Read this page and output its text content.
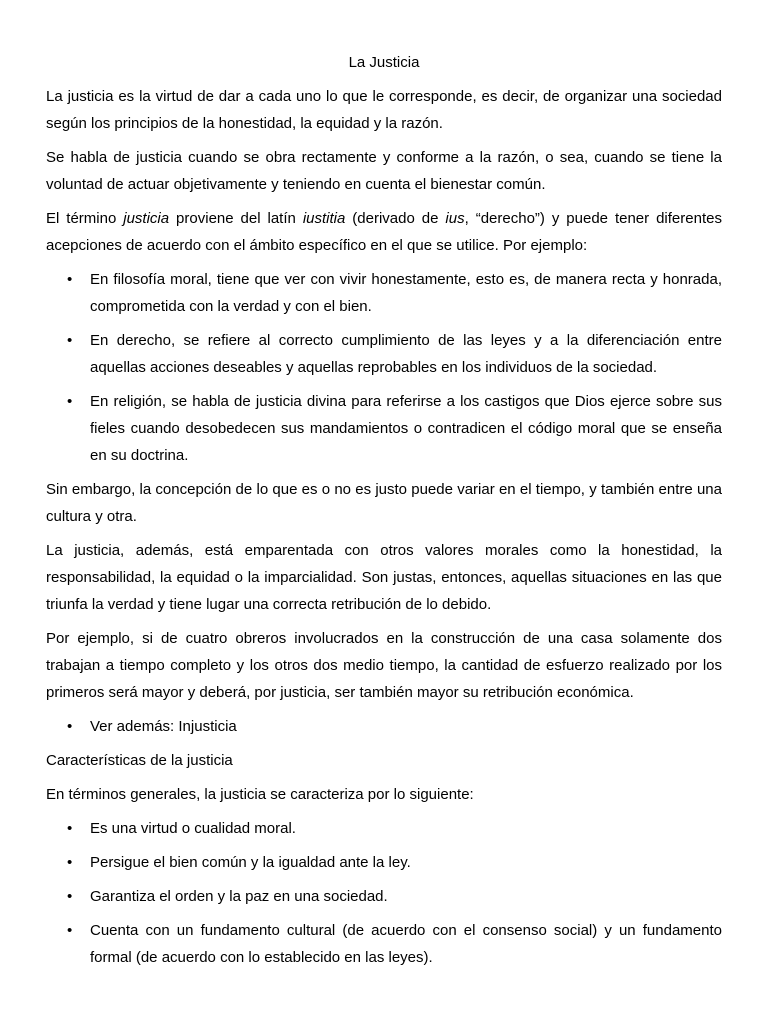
La Justicia

La justicia es la virtud de dar a cada uno lo que le corresponde, es decir, de organizar una sociedad según los principios de la honestidad, la equidad y la razón.

Se habla de justicia cuando se obra rectamente y conforme a la razón, o sea, cuando se tiene la voluntad de actuar objetivamente y teniendo en cuenta el bienestar común.

El término justicia proviene del latín iustitia (derivado de ius, “derecho”) y puede tener diferentes acepciones de acuerdo con el ámbito específico en el que se utilice. Por ejemplo:

• En filosofía moral, tiene que ver con vivir honestamente, esto es, de manera recta y honrada, comprometida con la verdad y con el bien.
• En derecho, se refiere al correcto cumplimiento de las leyes y a la diferenciación entre aquellas acciones deseables y aquellas reprobables en los individuos de la sociedad.
• En religión, se habla de justicia divina para referirse a los castigos que Dios ejerce sobre sus fieles cuando desobedecen sus mandamientos o contradicen el código moral que se enseña en su doctrina.

Sin embargo, la concepción de lo que es o no es justo puede variar en el tiempo, y también entre una cultura y otra.

La justicia, además, está emparentada con otros valores morales como la honestidad, la responsabilidad, la equidad o la imparcialidad. Son justas, entonces, aquellas situaciones en las que triunfa la verdad y tiene lugar una correcta retribución de lo debido.

Por ejemplo, si de cuatro obreros involucrados en la construcción de una casa solamente dos trabajan a tiempo completo y los otros dos medio tiempo, la cantidad de esfuerzo realizado por los primeros será mayor y deberá, por justicia, ser también mayor su retribución económica.

• Ver además: Injusticia

Características de la justicia

En términos generales, la justicia se caracteriza por lo siguiente:

• Es una virtud o cualidad moral.
• Persigue el bien común y la igualdad ante la ley.
• Garantiza el orden y la paz en una sociedad.
• Cuenta con un fundamento cultural (de acuerdo con el consenso social) y un fundamento formal (de acuerdo con lo establecido en las leyes).
